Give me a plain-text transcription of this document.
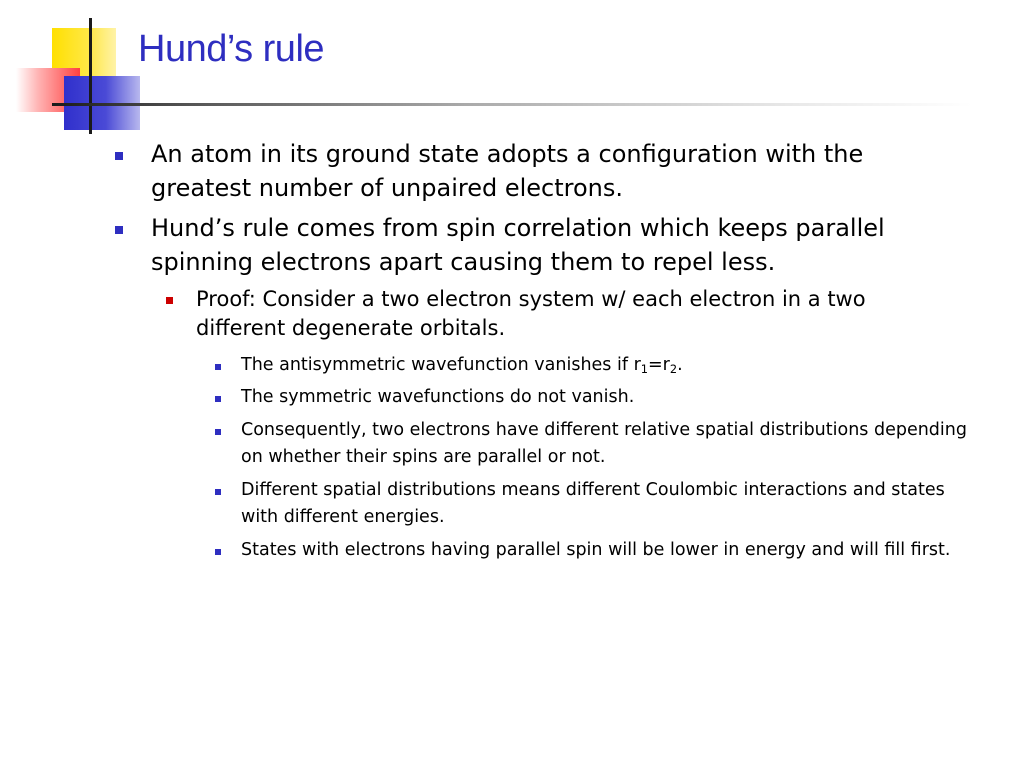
Hund’s rule
An atom in its ground state adopts a configuration with the greatest number of unpaired electrons.
Hund’s rule comes from spin correlation which keeps parallel spinning electrons apart causing them to repel less.
Proof: Consider a two electron system w/ each electron in a two different degenerate orbitals.
The antisymmetric wavefunction vanishes if $r_1=r_2$.
The symmetric wavefunctions do not vanish.
Consequently, two electrons have different relative spatial distributions depending on whether their spins are parallel or not.
Different spatial distributions means different Coulombic interactions and states with different energies.
States with electrons having parallel spin will be lower in energy and will fill first.
